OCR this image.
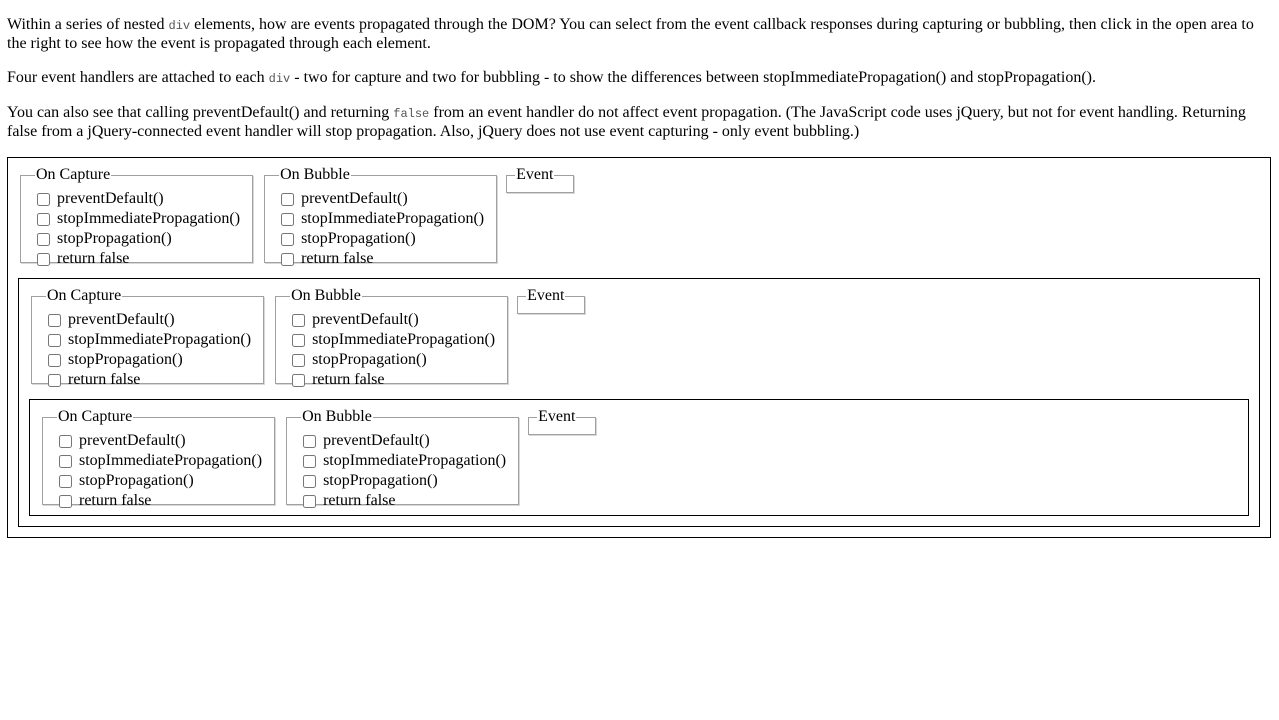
Within a series of nested div elements, how are events propagated through the DOM? You can select from the event callback responses during capturing or bubbling, then click in the open area to the right to see how the event is propagated through each element.

Four event handlers are attached to each div - two for capture and two for bubbling - to show the differences between stopImmediatePropagation() and stopPropagation().

You can also see that calling preventDefault() and returning false from an event handler do not affect event propagation. (The JavaScript code uses jQuery, but not for event handling. Returning false from a jQuery-connected event handler will stop propagation. Also, jQuery does not use event capturing - only event bubbling.)

On Capture
preventDefault()
stopImmediatePropagation()
stopPropagation()
return false
On Bubble
preventDefault()
stopImmediatePropagation()
stopPropagation()
return false
Event
On Capture
preventDefault()
stopImmediatePropagation()
stopPropagation()
return false
On Bubble
preventDefault()
stopImmediatePropagation()
stopPropagation()
return false
Event
On Capture
preventDefault()
stopImmediatePropagation()
stopPropagation()
return false
On Bubble
preventDefault()
stopImmediatePropagation()
stopPropagation()
return false
Event
